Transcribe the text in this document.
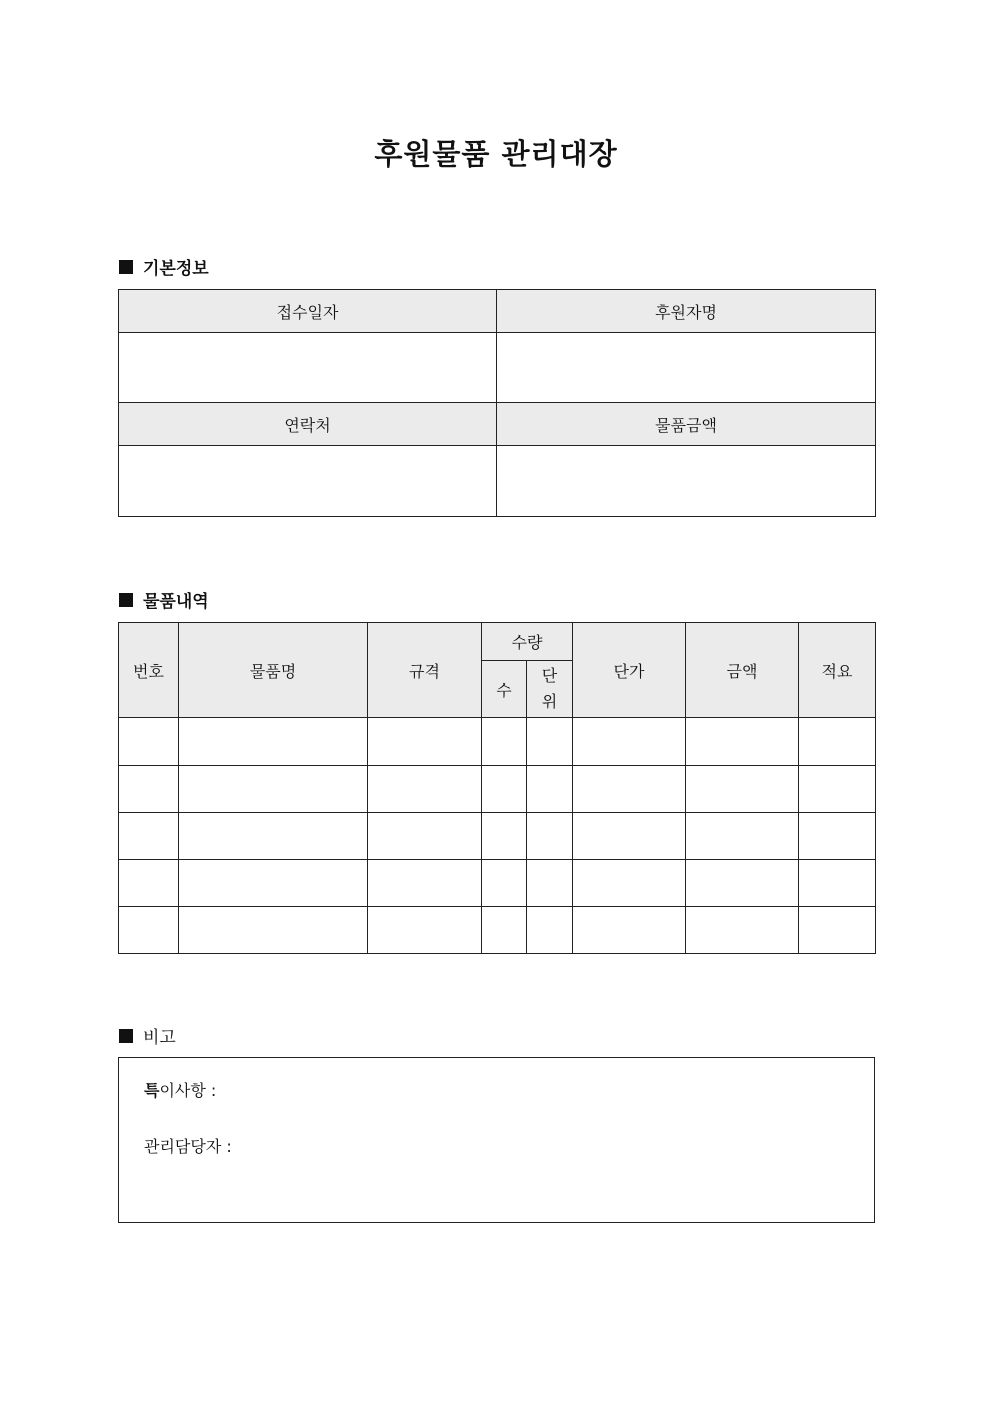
후원물품 관리대장
기본정보
접수일자	후원자명

연락처	물품금액

물품내역
번호	물품명	규격	수량		단가	금액	적요
			수	단
위			

비고
특이사항 :
관리담당자 :
